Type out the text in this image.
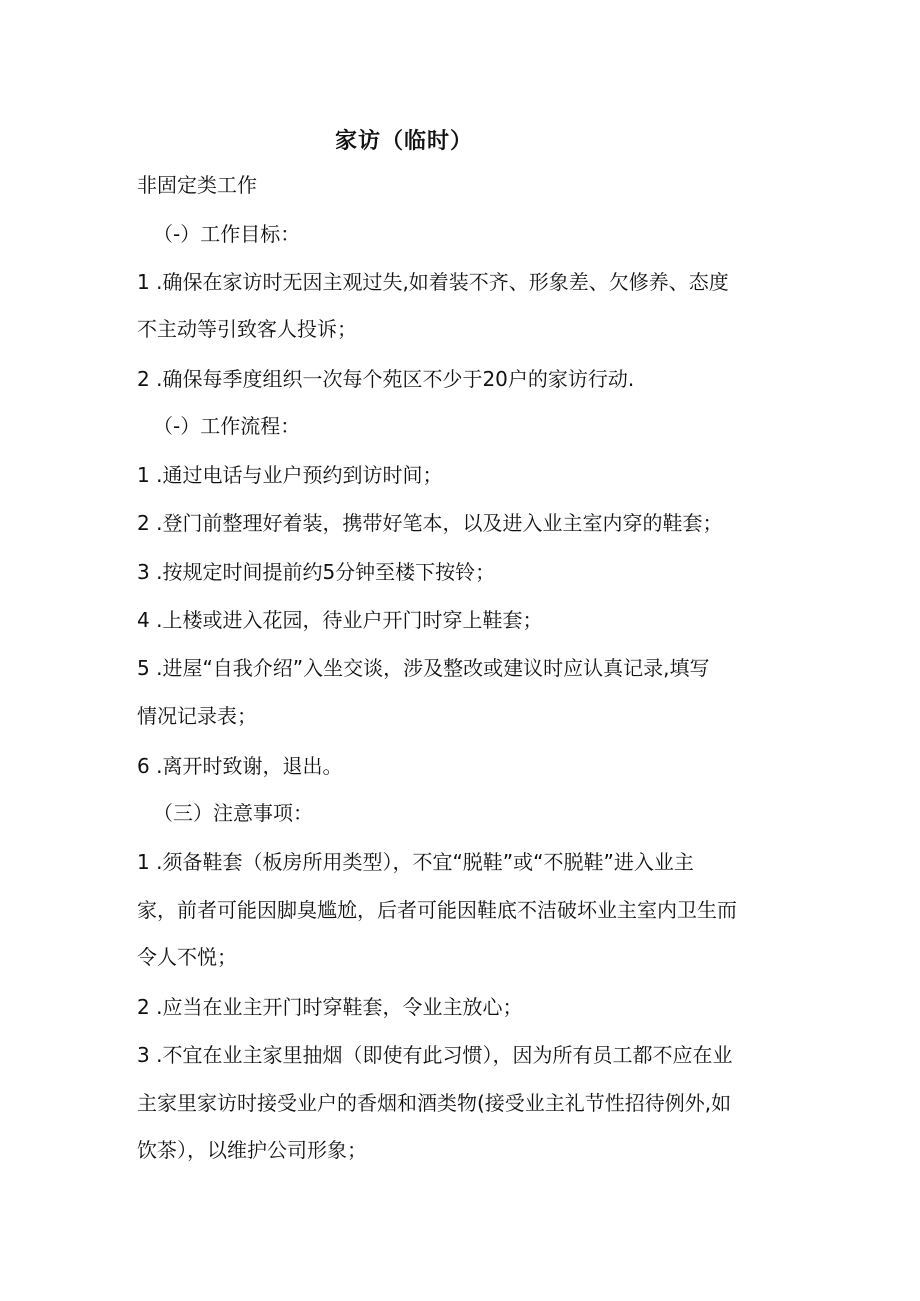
家访（临时）
非固定类工作
（-）工作目标：
1 .确保在家访时无因主观过失,如着装不齐、形象差、欠修养、态度
不主动等引致客人投诉；
2 .确保每季度组织一次每个苑区不少于20户的家访行动.
（-）工作流程：
1 .通过电话与业户预约到访时间；
2 .登门前整理好着装，携带好笔本，以及进入业主室内穿的鞋套；
3 .按规定时间提前约5分钟至楼下按铃；
4 .上楼或进入花园，待业户开门时穿上鞋套；
5 .进屋“自我介绍”入坐交谈，涉及整改或建议时应认真记录,填写
情况记录表；
6 .离开时致谢，退出。
（三）注意事项：
1 .须备鞋套（板房所用类型），不宜“脱鞋”或“不脱鞋”进入业主
家，前者可能因脚臭尴尬，后者可能因鞋底不洁破坏业主室内卫生而
令人不悦；
2 .应当在业主开门时穿鞋套，令业主放心；
3 .不宜在业主家里抽烟（即使有此习惯），因为所有员工都不应在业
主家里家访时接受业户的香烟和酒类物(接受业主礼节性招待例外,如
饮茶），以维护公司形象；
